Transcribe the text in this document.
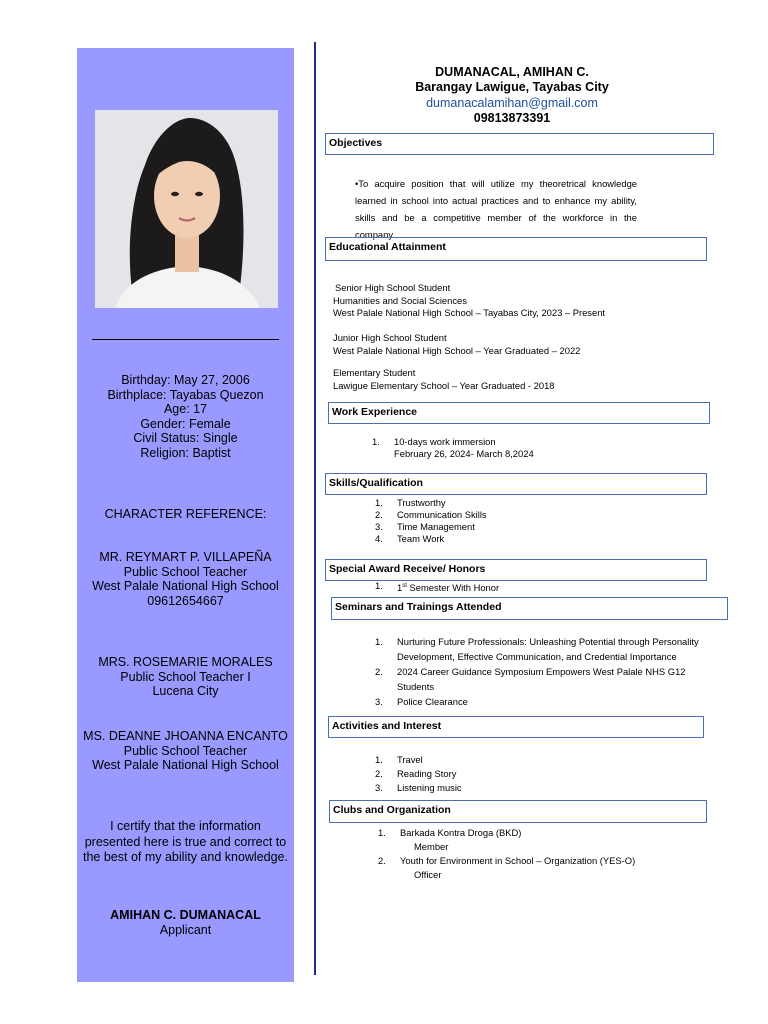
Birthday: May 27, 2006
Birthplace: Tayabas Quezon
Age: 17
Gender: Female
Civil Status: Single
Religion: Baptist
CHARACTER REFERENCE:
MR. REYMART P. VILLAPEÑA
Public School Teacher
West Palale National High School
09612654667
MRS. ROSEMARIE MORALES
Public School Teacher I
Lucena City
MS. DEANNE JHOANNA ENCANTO
Public School Teacher
West Palale National High School
I certify that the information
presented here is true and correct to
the best of my ability and knowledge.
AMIHAN C. DUMANACAL
Applicant
DUMANACAL, AMIHAN C.
Barangay Lawigue, Tayabas City
dumanacalamihan@gmail.com
09813873391
Objectives
•To acquire position that will utilize my theoretrical knowledge learned in school into actual practices and to enhance my ability, skills and be a competitive member of the workforce in the company.
Educational Attainment
Senior High School Student
Humanities and Social Sciences
West Palale National High School – Tayabas City, 2023 – Present
Junior High School Student
West Palale National High School – Year Graduated – 2022
Elementary Student
Lawigue Elementary School – Year Graduated - 2018
Work Experience
1. 10-days work immersion
February 26, 2024- March 8,2024
Skills/Qualification
1. Trustworthy
2. Communication Skills
3. Time Management
4. Team Work
Special Award Receive/ Honors
1. 1st Semester With Honor
Seminars and Trainings Attended
1. Nurturing Future Professionals: Unleashing Potential through Personality
Development, Effective Communication, and Credential Importance
2. 2024 Career Guidance Symposium Empowers West Palale NHS G12
Students
3. Police Clearance
Activities and Interest
1. Travel
2. Reading Story
3. Listening music
Clubs and Organization
1. Barkada Kontra Droga (BKD)
Member
2. Youth for Environment in School – Organization (YES-O)
Officer
